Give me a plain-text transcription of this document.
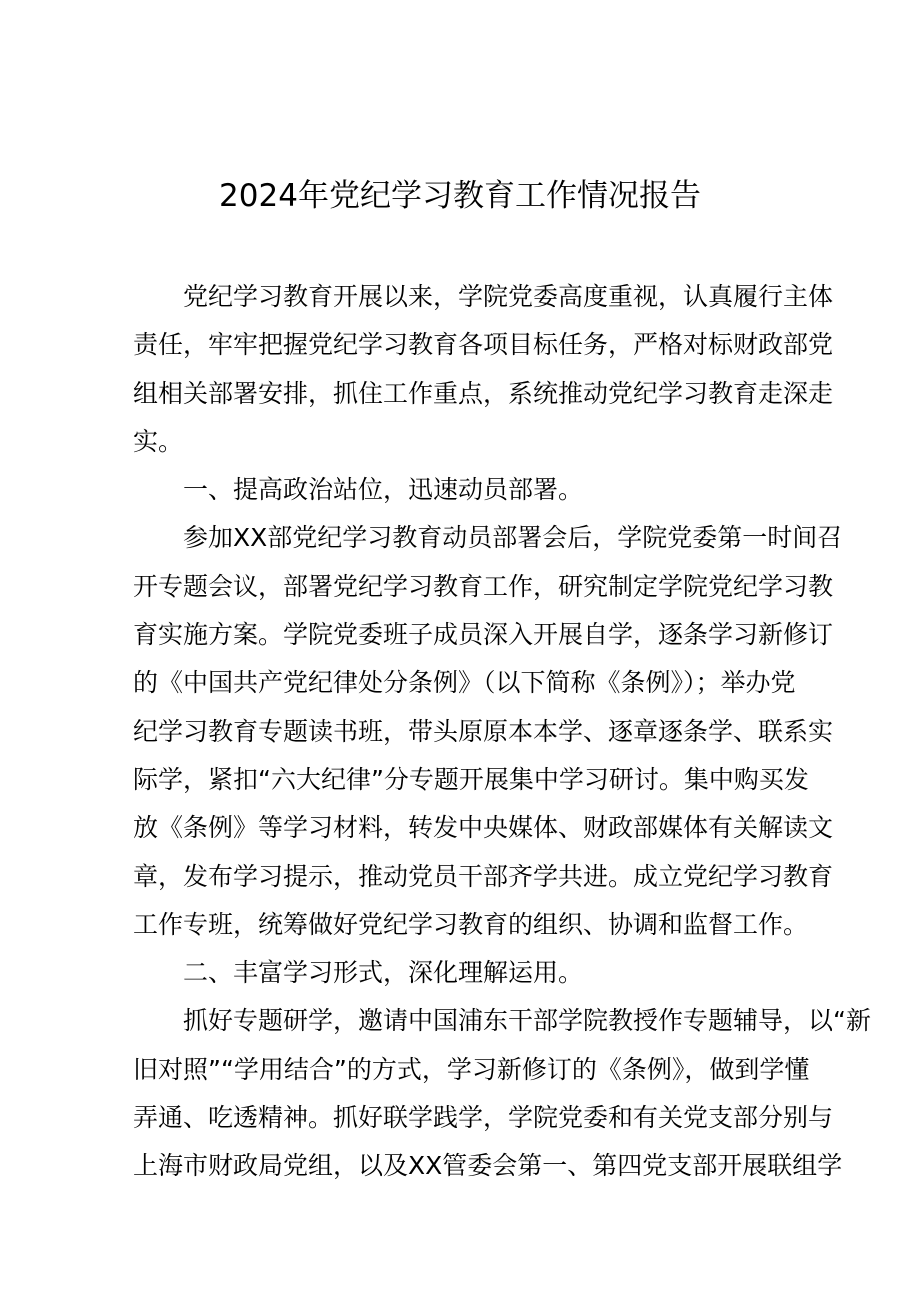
2024年党纪学习教育工作情况报告
党纪学习教育开展以来，学院党委高度重视，认真履行主体
责任，牢牢把握党纪学习教育各项目标任务，严格对标财政部党
组相关部署安排，抓住工作重点，系统推动党纪学习教育走深走
实。
一、提高政治站位，迅速动员部署。
参加XX部党纪学习教育动员部署会后，学院党委第一时间召
开专题会议，部署党纪学习教育工作，研究制定学院党纪学习教
育实施方案。学院党委班子成员深入开展自学，逐条学习新修订
的《中国共产党纪律处分条例》（以下简称《条例》）；举办党
纪学习教育专题读书班，带头原原本本学、逐章逐条学、联系实
际学，紧扣“六大纪律”分专题开展集中学习研讨。集中购买发
放《条例》等学习材料，转发中央媒体、财政部媒体有关解读文
章，发布学习提示，推动党员干部齐学共进。成立党纪学习教育
工作专班，统筹做好党纪学习教育的组织、协调和监督工作。
二、丰富学习形式，深化理解运用。
抓好专题研学，邀请中国浦东干部学院教授作专题辅导，以“新
旧对照”“学用结合”的方式，学习新修订的《条例》，做到学懂
弄通、吃透精神。抓好联学践学，学院党委和有关党支部分别与
上海市财政局党组，以及XX管委会第一、第四党支部开展联组学
